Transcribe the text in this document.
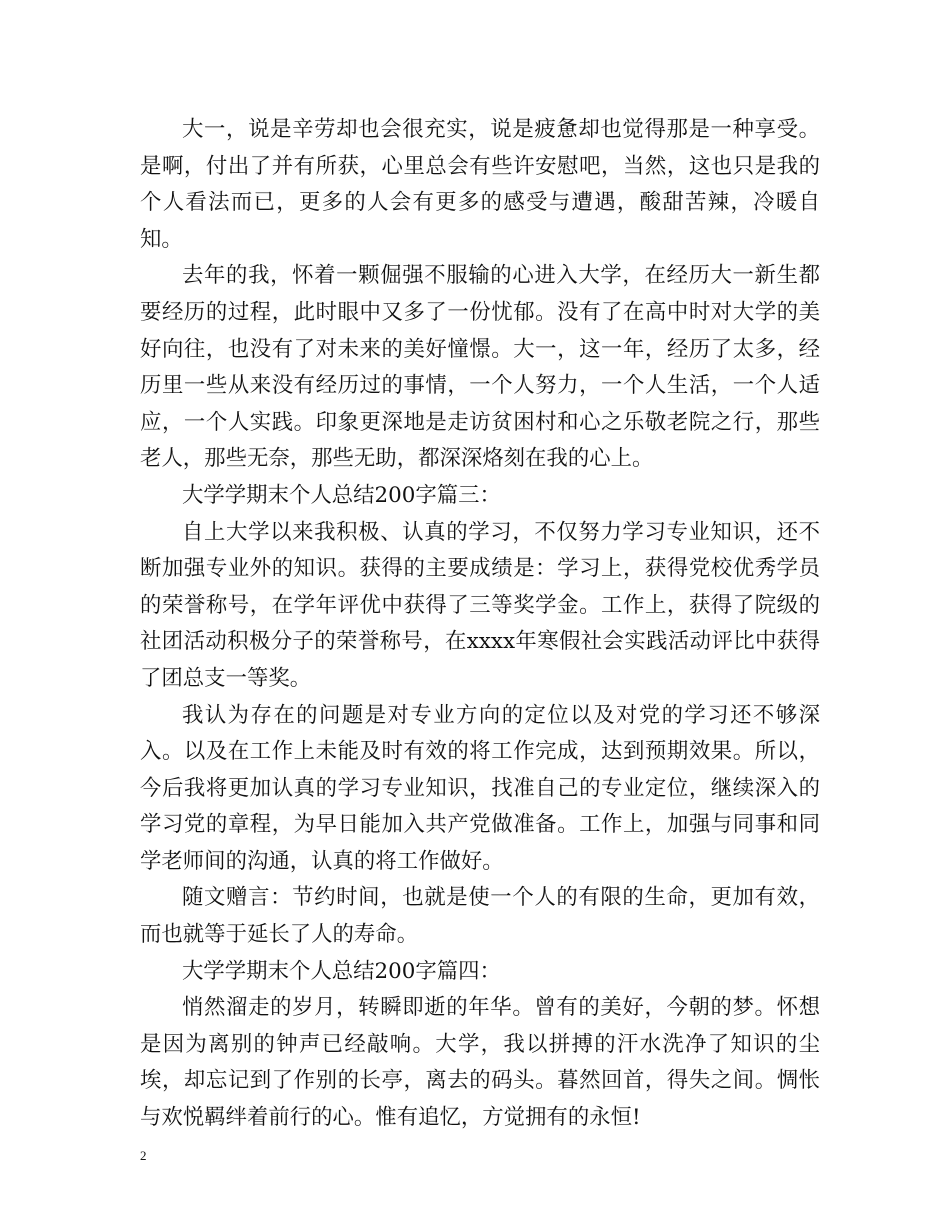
大一，说是辛劳却也会很充实，说是疲惫却也觉得那是一种享受。是啊，付出了并有所获，心里总会有些许安慰吧，当然，这也只是我的个人看法而已，更多的人会有更多的感受与遭遇，酸甜苦辣，冷暖自知。

去年的我，怀着一颗倔强不服输的心进入大学，在经历大一新生都要经历的过程，此时眼中又多了一份忧郁。没有了在高中时对大学的美好向往，也没有了对未来的美好憧憬。大一，这一年，经历了太多，经历里一些从来没有经历过的事情，一个人努力，一个人生活，一个人适应，一个人实践。印象更深地是走访贫困村和心之乐敬老院之行，那些老人，那些无奈，那些无助，都深深烙刻在我的心上。

大学学期末个人总结200字篇三：

自上大学以来我积极、认真的学习，不仅努力学习专业知识，还不断加强专业外的知识。获得的主要成绩是：学习上，获得党校优秀学员的荣誉称号，在学年评优中获得了三等奖学金。工作上，获得了院级的社团活动积极分子的荣誉称号，在xxxx年寒假社会实践活动评比中获得了团总支一等奖。

我认为存在的问题是对专业方向的定位以及对党的学习还不够深入。以及在工作上未能及时有效的将工作完成，达到预期效果。所以，今后我将更加认真的学习专业知识，找准自己的专业定位，继续深入的学习党的章程，为早日能加入共产党做准备。工作上，加强与同事和同学老师间的沟通，认真的将工作做好。

随文赠言：节约时间，也就是使一个人的有限的生命，更加有效，而也就等于延长了人的寿命。

大学学期末个人总结200字篇四：

悄然溜走的岁月，转瞬即逝的年华。曾有的美好，今朝的梦。怀想是因为离别的钟声已经敲响。大学，我以拼搏的汗水洗净了知识的尘埃，却忘记到了作别的长亭，离去的码头。暮然回首，得失之间。惆怅与欢悦羁绊着前行的心。惟有追忆，方觉拥有的永恒!

2
